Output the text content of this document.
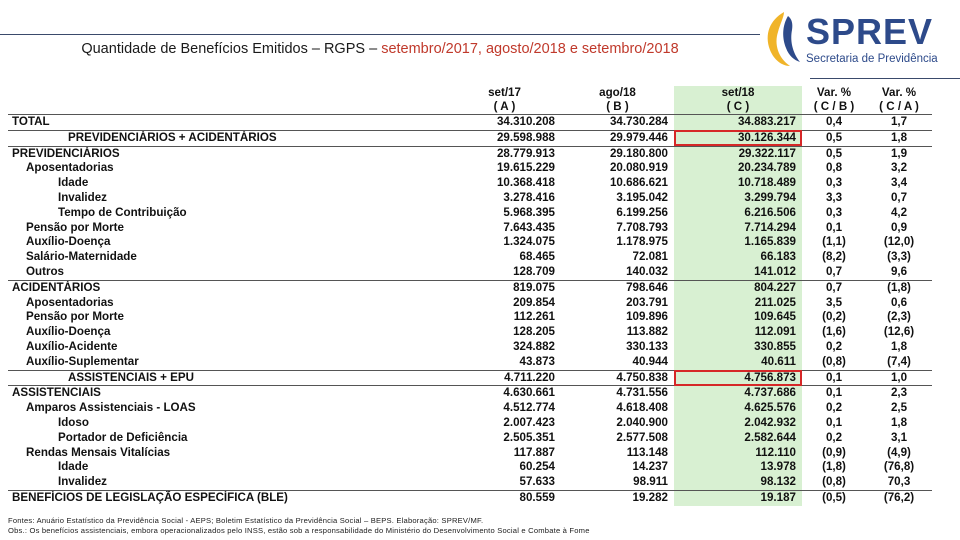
Quantidade de Benefícios Emitidos – RGPS – setembro/2017, agosto/2018 e setembro/2018	SPREV
Secretaria de Previdência
	set/17	ago/18	set/18	Var. %	Var. %
	( A )	( B )	( C )	( C / B )	( C / A )
TOTAL	34.310.208	34.730.284	34.883.217	0,4	1,7
PREVIDENCIÁRIOS + ACIDENTÁRIOS	29.598.988	29.979.446	30.126.344	0,5	1,8
PREVIDENCIÁRIOS	28.779.913	29.180.800	29.322.117	0,5	1,9
Aposentadorias	19.615.229	20.080.919	20.234.789	0,8	3,2
Idade	10.368.418	10.686.621	10.718.489	0,3	3,4
Invalidez	3.278.416	3.195.042	3.299.794	3,3	0,7
Tempo de Contribuição	5.968.395	6.199.256	6.216.506	0,3	4,2
Pensão por Morte	7.643.435	7.708.793	7.714.294	0,1	0,9
Auxílio-Doença	1.324.075	1.178.975	1.165.839	(1,1)	(12,0)
Salário-Maternidade	68.465	72.081	66.183	(8,2)	(3,3)
Outros	128.709	140.032	141.012	0,7	9,6
ACIDENTÁRIOS	819.075	798.646	804.227	0,7	(1,8)
Aposentadorias	209.854	203.791	211.025	3,5	0,6
Pensão por Morte	112.261	109.896	109.645	(0,2)	(2,3)
Auxílio-Doença	128.205	113.882	112.091	(1,6)	(12,6)
Auxílio-Acidente	324.882	330.133	330.855	0,2	1,8
Auxílio-Suplementar	43.873	40.944	40.611	(0,8)	(7,4)
ASSISTENCIAIS + EPU	4.711.220	4.750.838	4.756.873	0,1	1,0
ASSISTENCIAIS	4.630.661	4.731.556	4.737.686	0,1	2,3
Amparos Assistenciais - LOAS	4.512.774	4.618.408	4.625.576	0,2	2,5
Idoso	2.007.423	2.040.900	2.042.932	0,1	1,8
Portador de Deficiência	2.505.351	2.577.508	2.582.644	0,2	3,1
Rendas Mensais Vitalícias	117.887	113.148	112.110	(0,9)	(4,9)
Idade	60.254	14.237	13.978	(1,8)	(76,8)
Invalidez	57.633	98.911	98.132	(0,8)	70,3
BENEFÍCIOS DE LEGISLAÇÃO ESPECÍFICA (BLE)	80.559	19.282	19.187	(0,5)	(76,2)
Fontes: Anuário Estatístico da Previdência Social - AEPS; Boletim Estatístico da Previdência Social – BEPS. Elaboração: SPREV/MF.
Obs.: Os benefícios assistenciais, embora operacionalizados pelo INSS, estão sob a responsabilidade do Ministério do Desenvolvimento Social e Combate à Fome
